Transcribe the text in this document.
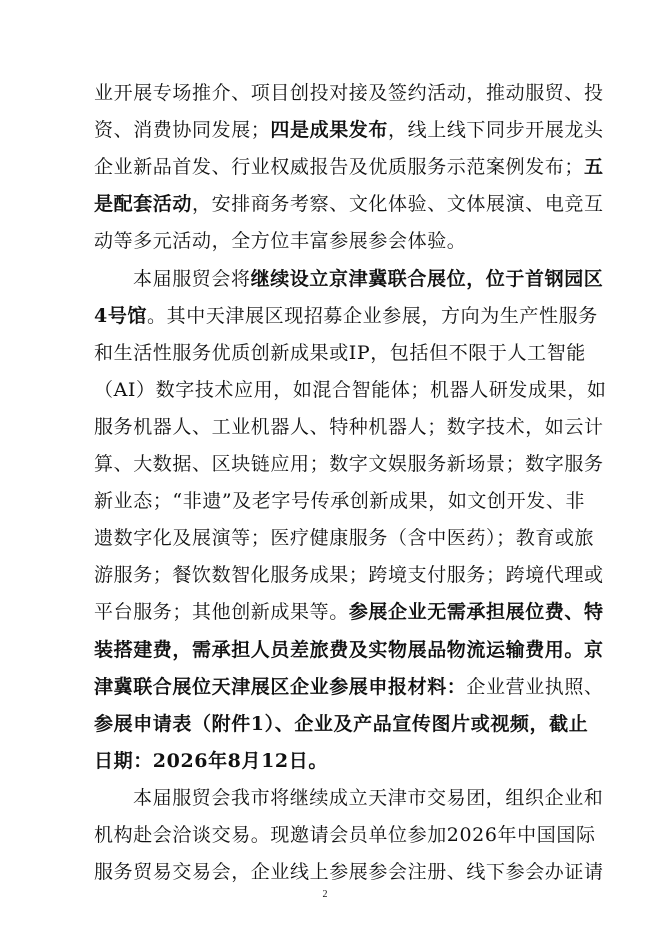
业开展专场推介、项目创投对接及签约活动，推动服贸、投
资、消费协同发展；四是成果发布，线上线下同步开展龙头
企业新品首发、行业权威报告及优质服务示范案例发布；五
是配套活动，安排商务考察、文化体验、文体展演、电竞互
动等多元活动，全方位丰富参展参会体验。
本届服贸会将继续设立京津冀联合展位，位于首钢园区
4号馆。其中天津展区现招募企业参展，方向为生产性服务
和生活性服务优质创新成果或IP，包括但不限于人工智能
（AI）数字技术应用，如混合智能体；机器人研发成果，如
服务机器人、工业机器人、特种机器人；数字技术，如云计
算、大数据、区块链应用；数字文娱服务新场景；数字服务
新业态；“非遗”及老字号传承创新成果，如文创开发、非
遗数字化及展演等；医疗健康服务（含中医药）；教育或旅
游服务；餐饮数智化服务成果；跨境支付服务；跨境代理或
平台服务；其他创新成果等。参展企业无需承担展位费、特
装搭建费，需承担人员差旅费及实物展品物流运输费用。京
津冀联合展位天津展区企业参展申报材料：企业营业执照、
参展申请表（附件1）、企业及产品宣传图片或视频，截止
日期：2026年8月12日。
本届服贸会我市将继续成立天津市交易团，组织企业和
机构赴会洽谈交易。现邀请会员单位参加2026年中国国际
服务贸易交易会，企业线上参展参会注册、线下参会办证请
2
